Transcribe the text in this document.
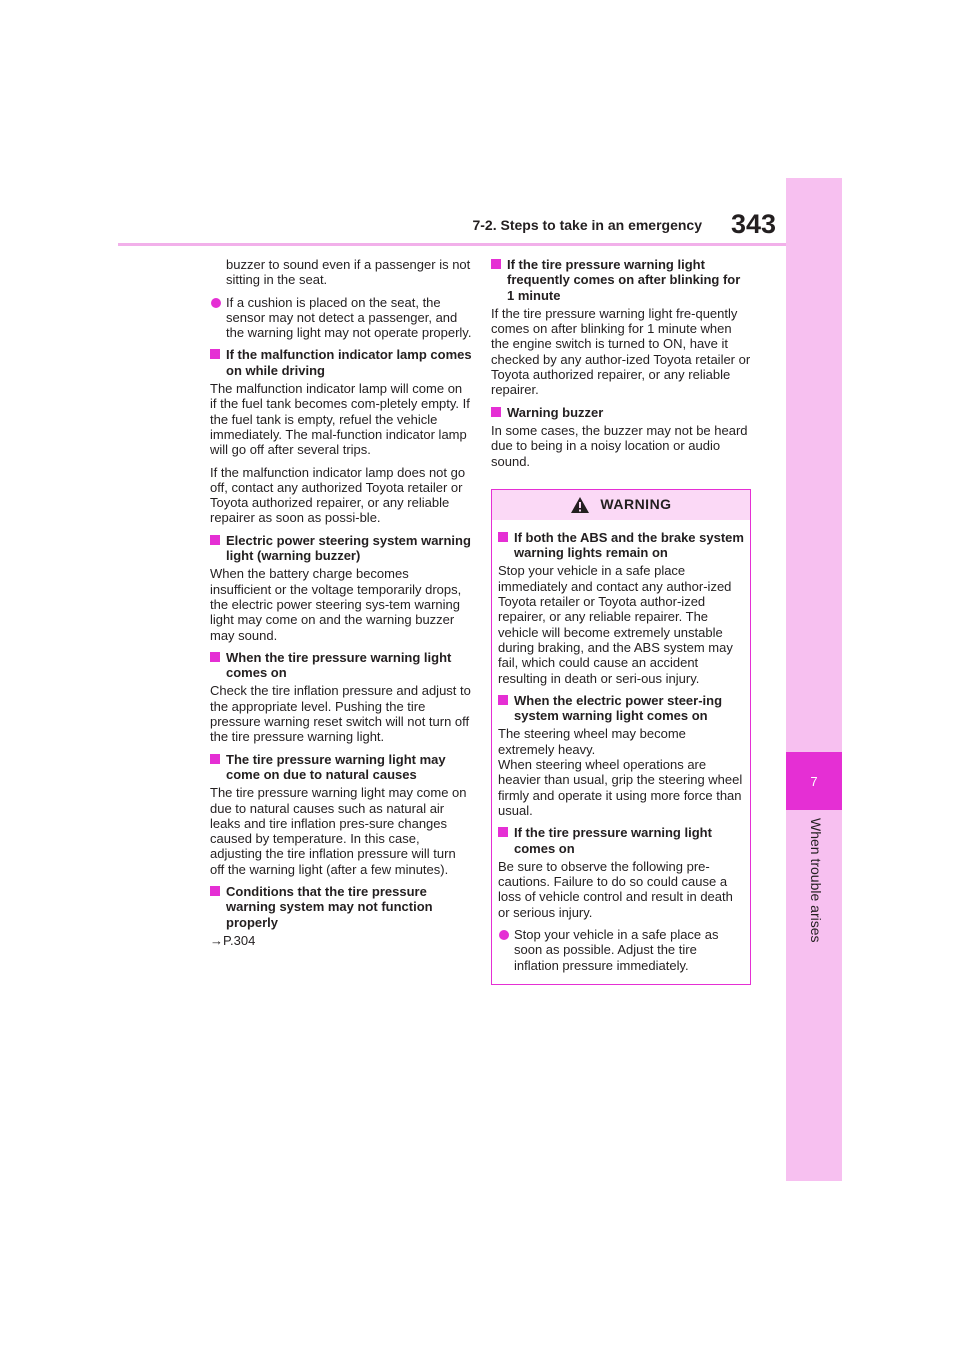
7
When trouble arises
7-2. Steps to take in an emergency	343

buzzer to sound even if a passenger is not sitting in the seat.

If a cushion is placed on the seat, the sensor may not detect a passenger, and the warning light may not operate properly.
If the malfunction indicator lamp comes on while driving

The malfunction indicator lamp will come on if the fuel tank becomes com-pletely empty. If the fuel tank is empty, refuel the vehicle immediately. The mal-function indicator lamp will go off after several trips.

If the malfunction indicator lamp does not go off, contact any authorized Toyota retailer or Toyota authorized repairer, or any reliable repairer as soon as possi-ble.

Electric power steering system warning light (warning buzzer)

When the battery charge becomes insufficient or the voltage temporarily drops, the electric power steering sys-tem warning light may come on and the warning buzzer may sound.

When the tire pressure warning light comes on

Check the tire inflation pressure and adjust to the appropriate level. Pushing the tire pressure warning reset switch will not turn off the tire pressure warning light.

The tire pressure warning light may come on due to natural causes

The tire pressure warning light may come on due to natural causes such as natural air leaks and tire inflation pres-sure changes caused by temperature. In this case, adjusting the tire inflation pressure will turn off the warning light (after a few minutes).

Conditions that the tire pressure warning system may not function properly

→P.304

If the tire pressure warning light frequently comes on after blinking for 1 minute

If the tire pressure warning light fre-quently comes on after blinking for 1 minute when the engine switch is turned to ON, have it checked by any author-ized Toyota retailer or Toyota authorized repairer, or any reliable repairer.

Warning buzzer

In some cases, the buzzer may not be heard due to being in a noisy location or audio sound.

WARNING
If both the ABS and the brake system warning lights remain on

Stop your vehicle in a safe place immediately and contact any author-ized Toyota retailer or Toyota author-ized repairer, or any reliable repairer. The vehicle will become extremely unstable during braking, and the ABS system may fail, which could cause an accident resulting in death or seri-ous injury.

When the electric power steer-ing system warning light comes on

The steering wheel may become extremely heavy.

When steering wheel operations are heavier than usual, grip the steering wheel firmly and operate it using more force than usual.

If the tire pressure warning light comes on

Be sure to observe the following pre-cautions. Failure to do so could cause a loss of vehicle control and result in death or serious injury.

Stop your vehicle in a safe place as soon as possible. Adjust the tire inflation pressure immediately.
